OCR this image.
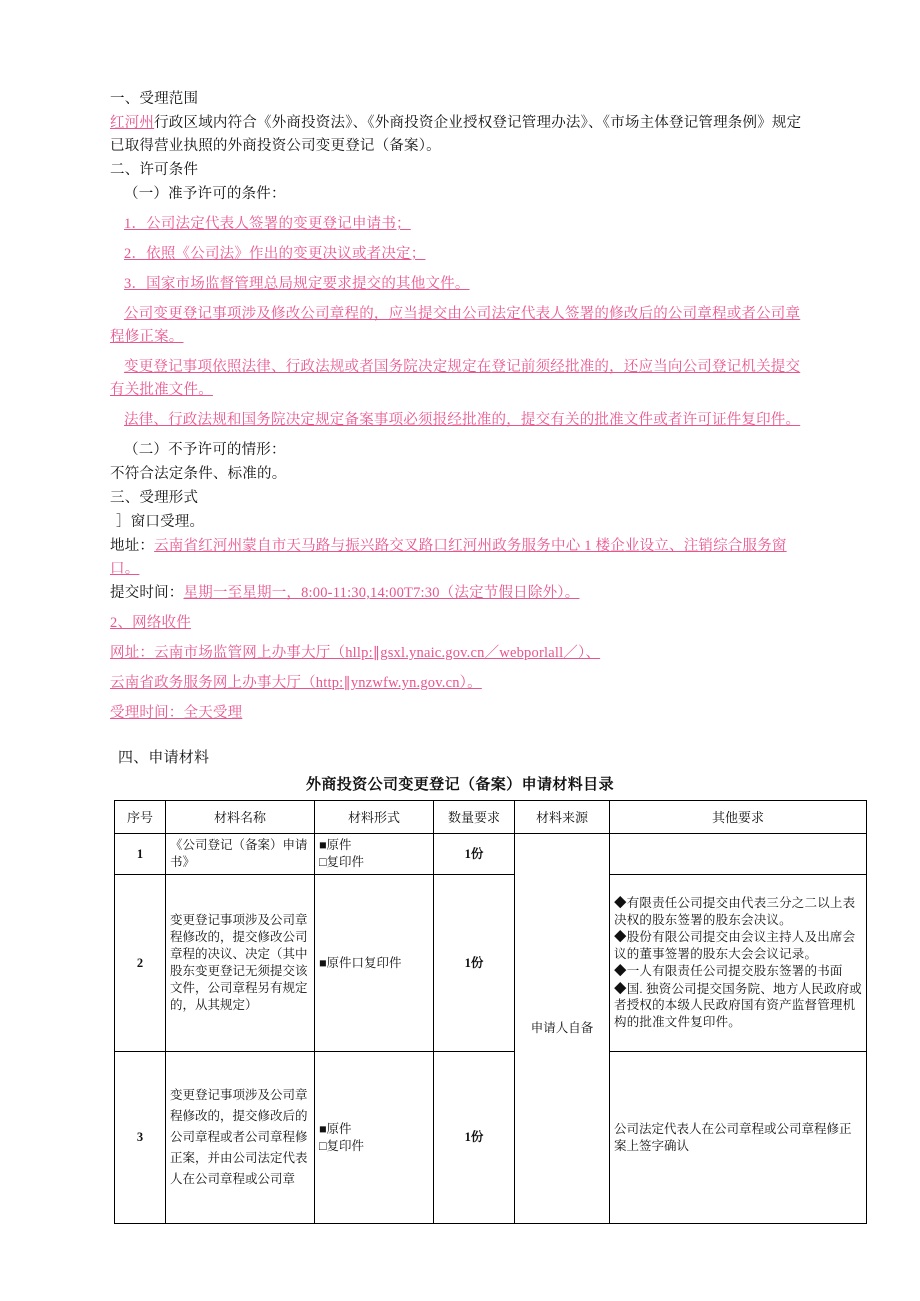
一、受理范围

红河州行政区域内符合《外商投资法》、《外商投资企业授权登记管理办法》、《市场主体登记管理条例》规定已取得营业执照的外商投资公司变更登记（备案）。

二、许可条件

（一）准予许可的条件：

1．公司法定代表人签署的变更登记申请书；

2．依照《公司法》作出的变更决议或者决定；

3．国家市场监督管理总局规定要求提交的其他文件。

公司变更登记事项涉及修改公司章程的，应当提交由公司法定代表人签署的修改后的公司章程或者公司章程修正案。

变更登记事项依照法律、行政法规或者国务院决定规定在登记前须经批准的，还应当向公司登记机关提交有关批准文件。

法律、行政法规和国务院决定规定备案事项必须报经批准的，提交有关的批准文件或者许可证件复印件。

（二）不予许可的情形：

不符合法定条件、标准的。

三、受理形式

］窗口受理。

地址：云南省红河州蒙自市天马路与振兴路交叉路口红河州政务服务中心 1 楼企业设立、注销综合服务窗口。

提交时间：星期一至星期一，8:00-11:30,14:00T7:30（法定节假日除外）。

2、网络收件

网址：云南市场监管网上办事大厅（hllp:∥gsxl.ynaic.gov.cn／webporlall／）、

云南省政务服务网上办事大厅（http:∥ynzwfw.yn.gov.cn）。

受理时间：全天受理

四、申请材料

外商投资公司变更登记（备案）申请材料目录
序号	材料名称	材料形式	数量要求	材料来源	其他要求
1	《公司登记（备案）申请书》	■原件
□复印件	1份	申请人自备	
2	变更登记事项涉及公司章程修改的，提交修改公司章程的决议、决定（其中股东变更登记无须提交该文件，公司章程另有规定的，从其规定）	■原件口复印件	1份		◆有限责任公司提交由代表三分之二以上表决权的股东签署的股东会决议。

◆股份有限公司提交由会议主持人及出席会议的董事签署的股东大会会议记录。

◆一人有限责任公司提交股东签署的书面

◆国. 独资公司提交国务院、地方人民政府或者授权的本级人民政府国有资产监督管理机构的批准文件复印件。

3	变更登记事项涉及公司章程修改的，提交修改后的公司章程或者公司章程修正案，并由公司法定代表人在公司章程或公司章	■原件
□复印件	1份		公司法定代表人在公司章程或公司章程修正案上签字确认
